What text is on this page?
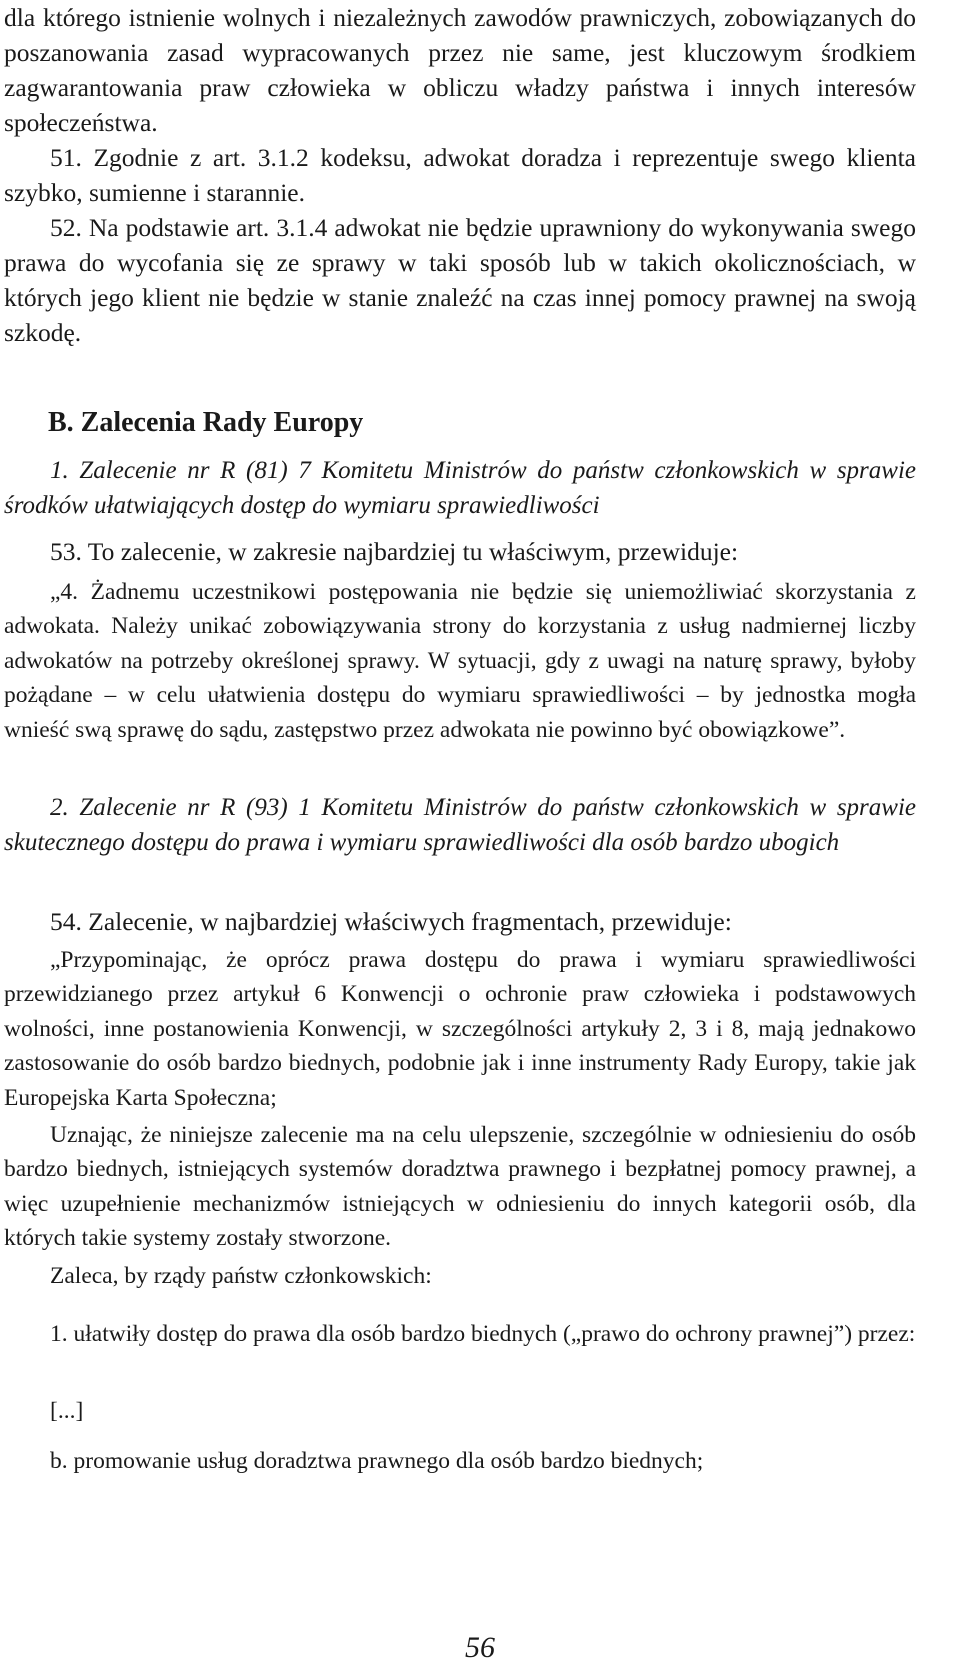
dla którego istnienie wolnych i niezależnych zawodów prawniczych, zobowiązanych do poszanowania zasad wypracowanych przez nie same, jest kluczowym środkiem zagwarantowania praw człowieka w obliczu władzy państwa i innych interesów społeczeństwa.

51. Zgodnie z art. 3.1.2 kodeksu, adwokat doradza i reprezentuje swego klienta szybko, sumienne i starannie.

52. Na podstawie art. 3.1.4 adwokat nie będzie uprawniony do wykonywania swego prawa do wycofania się ze sprawy w taki sposób lub w takich okolicznościach, w których jego klient nie będzie w stanie znaleźć na czas innej pomocy prawnej na swoją szkodę.

B. Zalecenia Rady Europy

1. Zalecenie nr R (81) 7 Komitetu Ministrów do państw członkowskich w sprawie środków ułatwiających dostęp do wymiaru sprawiedliwości

53. To zalecenie, w zakresie najbardziej tu właściwym, przewiduje:

„4. Żadnemu uczestnikowi postępowania nie będzie się uniemożliwiać skorzystania z adwokata. Należy unikać zobowiązywania strony do korzystania z usług nadmiernej liczby adwokatów na potrzeby określonej sprawy. W sytuacji, gdy z uwagi na naturę sprawy, byłoby pożądane – w celu ułatwienia dostępu do wymiaru sprawiedliwości – by jednostka mogła wnieść swą sprawę do sądu, zastępstwo przez adwokata nie powinno być obowiązkowe”.

2. Zalecenie nr R (93) 1 Komitetu Ministrów do państw członkowskich w sprawie skutecznego dostępu do prawa i wymiaru sprawiedliwości dla osób bardzo ubogich

54. Zalecenie, w najbardziej właściwych fragmentach, przewiduje:

„Przypominając, że oprócz prawa dostępu do prawa i wymiaru sprawiedliwości przewidzianego przez artykuł 6 Konwencji o ochronie praw człowieka i podstawowych wolności, inne postanowienia Konwencji, w szczególności artykuły 2, 3 i 8, mają jednakowo zastosowanie do osób bardzo biednych, podobnie jak i inne instrumenty Rady Europy, takie jak Europejska Karta Społeczna;

Uznając, że niniejsze zalecenie ma na celu ulepszenie, szczególnie w odniesieniu do osób bardzo biednych, istniejących systemów doradztwa prawnego i bezpłatnej pomocy prawnej, a więc uzupełnienie mechanizmów istniejących w odniesieniu do innych kategorii osób, dla których takie systemy zostały stworzone.

Zaleca, by rządy państw członkowskich:

1. ułatwiły dostęp do prawa dla osób bardzo biednych („prawo do ochrony prawnej”) przez:

[...]

b. promowanie usług doradztwa prawnego dla osób bardzo biednych;

56
